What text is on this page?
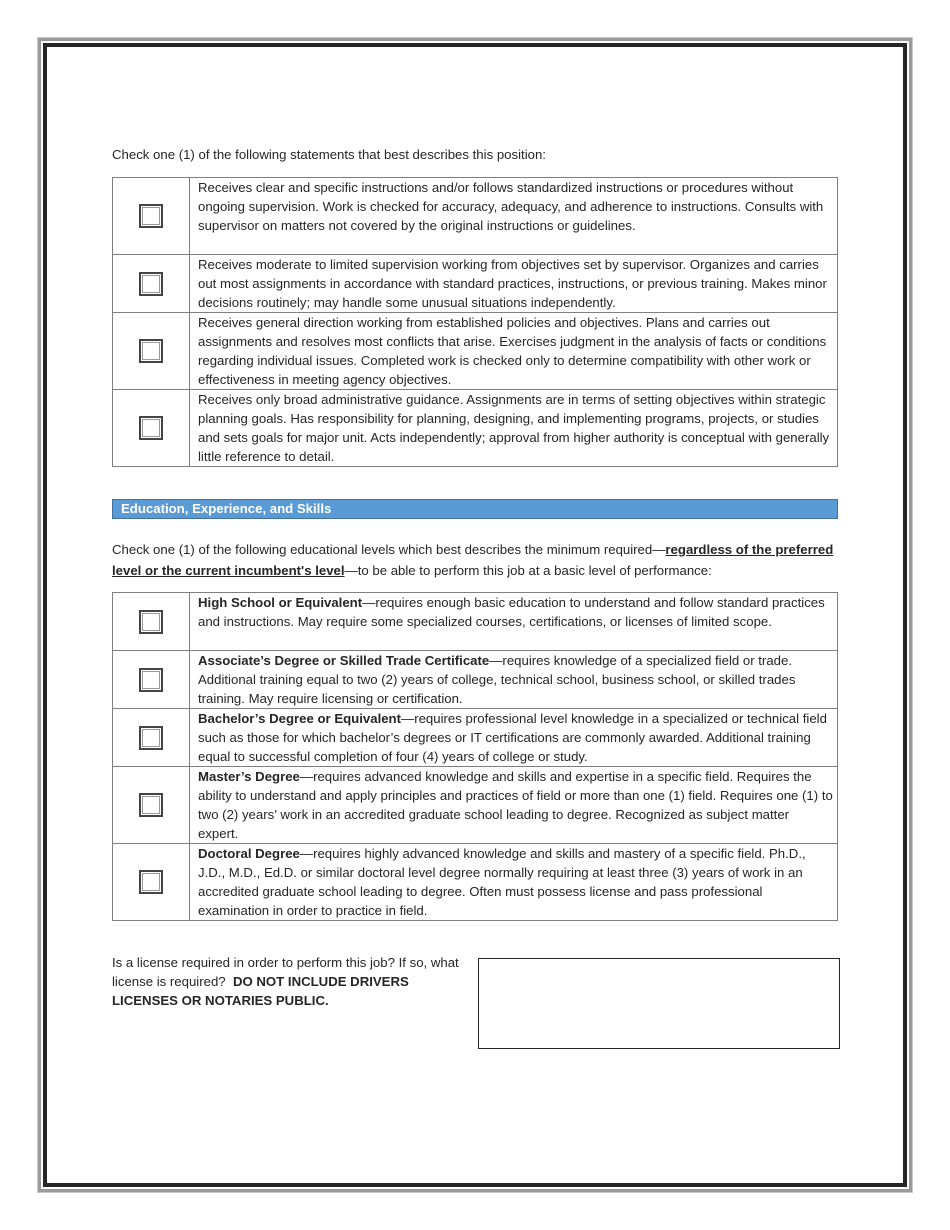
Check one (1) of the following statements that best describes this position:
	Receives clear and specific instructions and/or follows standardized instructions or procedures without ongoing supervision. Work is checked for accuracy, adequacy, and adherence to instructions. Consults with supervisor on matters not covered by the original instructions or guidelines.
	Receives moderate to limited supervision working from objectives set by supervisor. Organizes and carries out most assignments in accordance with standard practices, instructions, or previous training. Makes minor decisions routinely; may handle some unusual situations independently.
	Receives general direction working from established policies and objectives. Plans and carries out assignments and resolves most conflicts that arise. Exercises judgment in the analysis of facts or conditions regarding individual issues. Completed work is checked only to determine compatibility with other work or effectiveness in meeting agency objectives.
	Receives only broad administrative guidance. Assignments are in terms of setting objectives within strategic planning goals. Has responsibility for planning, designing, and implementing programs, projects, or studies and sets goals for major unit. Acts independently; approval from higher authority is conceptual with generally little reference to detail.
Education, Experience, and Skills
Check one (1) of the following educational levels which best describes the minimum required—regardless of the preferred level or the current incumbent's level—to be able to perform this job at a basic level of performance:
	High School or Equivalent—requires enough basic education to understand and follow standard practices and instructions. May require some specialized courses, certifications, or licenses of limited scope.
	Associate’s Degree or Skilled Trade Certificate—requires knowledge of a specialized field or trade. Additional training equal to two (2) years of college, technical school, business school, or skilled trades training. May require licensing or certification.
	Bachelor’s Degree or Equivalent—requires professional level knowledge in a specialized or technical field such as those for which bachelor’s degrees or IT certifications are commonly awarded. Additional training equal to successful completion of four (4) years of college or study.
	Master’s Degree—requires advanced knowledge and skills and expertise in a specific field. Requires the ability to understand and apply principles and practices of field or more than one (1) field. Requires one (1) to two (2) years’ work in an accredited graduate school leading to degree. Recognized as subject matter expert.
	Doctoral Degree—requires highly advanced knowledge and skills and mastery of a specific field. Ph.D., J.D., M.D., Ed.D. or similar doctoral level degree normally requiring at least three (3) years of work in an accredited graduate school leading to degree. Often must possess license and pass professional examination in order to practice in field.
Is a license required in order to perform this job? If so, what license is required? DO NOT INCLUDE DRIVERS LICENSES OR NOTARIES PUBLIC.
